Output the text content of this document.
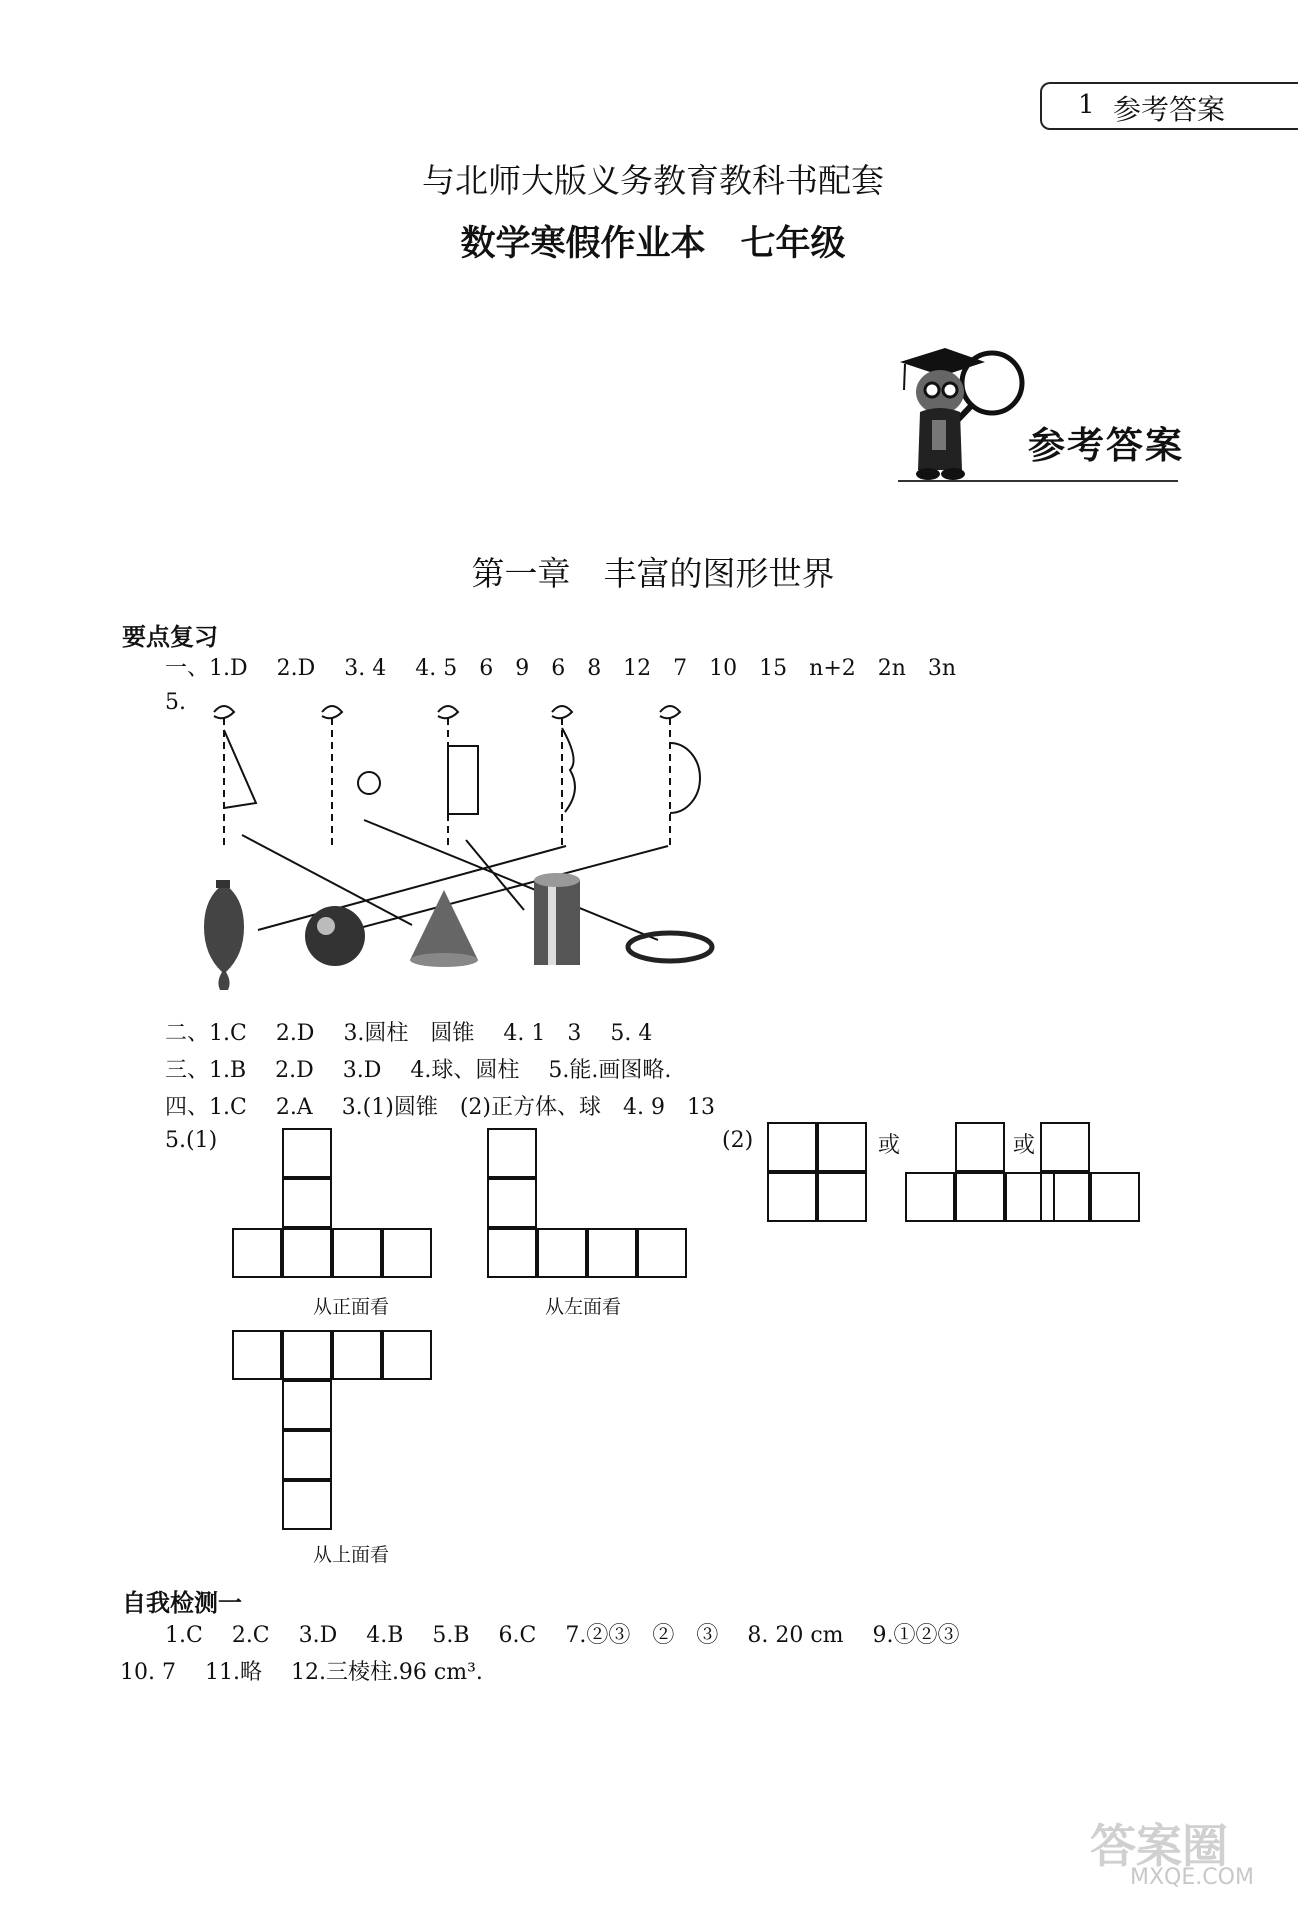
1 参考答案
与北师大版义务教育教科书配套
数学寒假作业本　七年级
参考答案
第一章　丰富的图形世界
要点复习
一、1.D　 2.D　 3. 4　 4. 5　6　9　6　8　12　7　10　15　n+2　2n　3n
5.
二、1.C　 2.D　 3.圆柱　圆锥　 4. 1　3　 5. 4
三、1.B　 2.D　 3.D　 4.球、圆柱　 5.能.画图略.
四、1.C　 2.A　 3.(1)圆锥　(2)正方体、球　4. 9　13
5.(1)	(2)	或	或
从正面看	从左面看
从上面看
自我检测一
1.C　 2.C　 3.D　 4.B　 5.B　 6.C　 7.②③　②　③　 8. 20 cm　 9.①②③
10. 7　 11.略　 12.三棱柱.96 cm³.
答案圈
MXQE.COM
